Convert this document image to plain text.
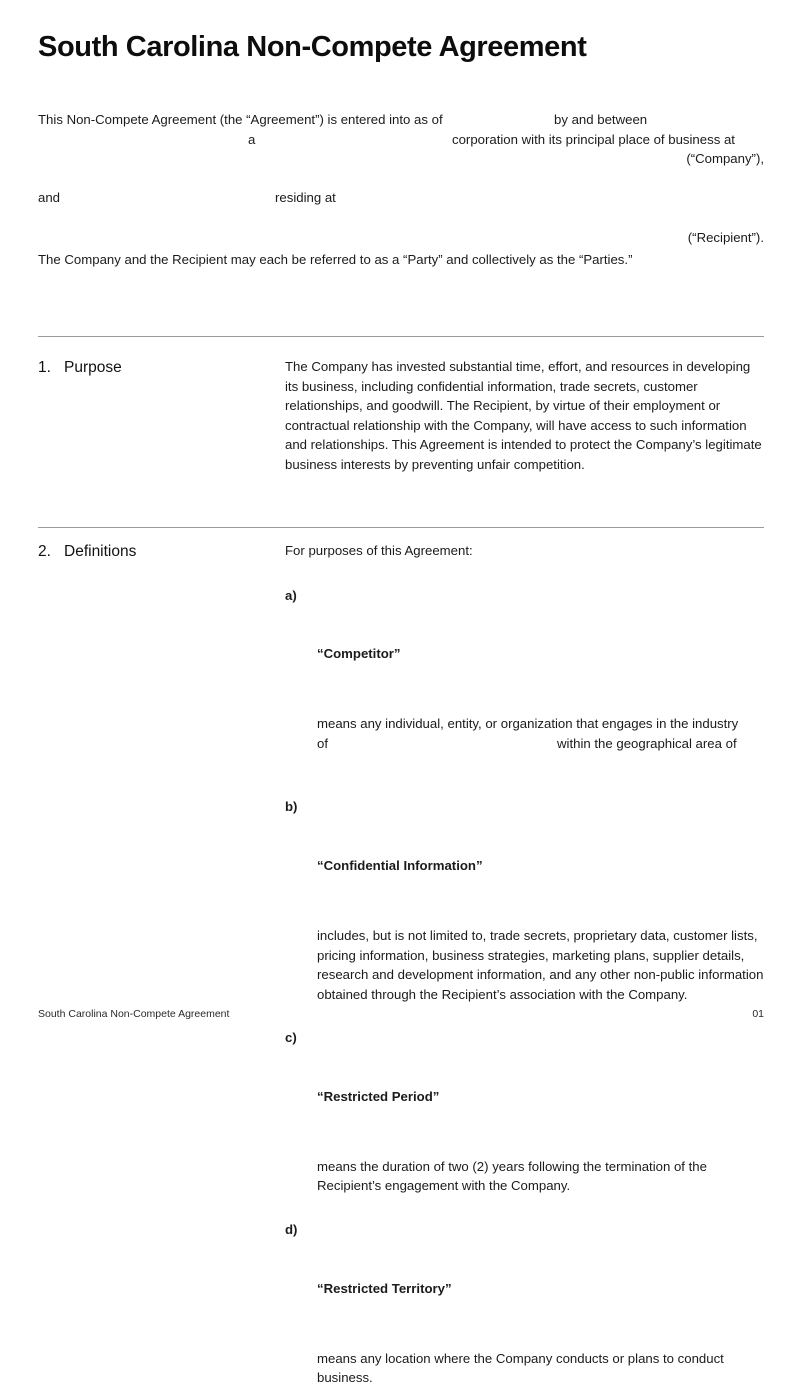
South Carolina Non-Compete Agreement

This Non-Compete Agreement (the “Agreement”) is entered into as of

	by and between

a

	corporation with its principal place of business at

(“Company”),

and

	residing at

(“Recipient”).

The Company and the Recipient may each be referred to as a “Party” and collectively as the “Parties.”
1. Purpose	The Company has invested substantial time, effort, and resources in developing its business, including confidential information, trade secrets, customer relationships, and goodwill. The Recipient, by virtue of their employment or contractual relationship with the Company, will have access to such information and relationships. This Agreement is intended to protect the Company’s legitimate business interests by preventing unfair competition.

2. Definitions	For purposes of this Agreement:

a)

“Competitor”

means any individual, entity, or organization that engages in the industry

of

	within the geographical area of

b)

“Confidential Information”

includes, but is not limited to, trade secrets, proprietary data, customer lists, pricing information, business strategies, marketing plans, supplier details, research and development information, and any other non-public information obtained through the Recipient’s association with the Company.

c)

“Restricted Period”

means the duration of two (2) years following the termination of the Recipient’s engagement with the Company.

d)

“Restricted Territory”

means any location where the Company conducts or plans to conduct business.
South Carolina Non-Compete Agreement	01
